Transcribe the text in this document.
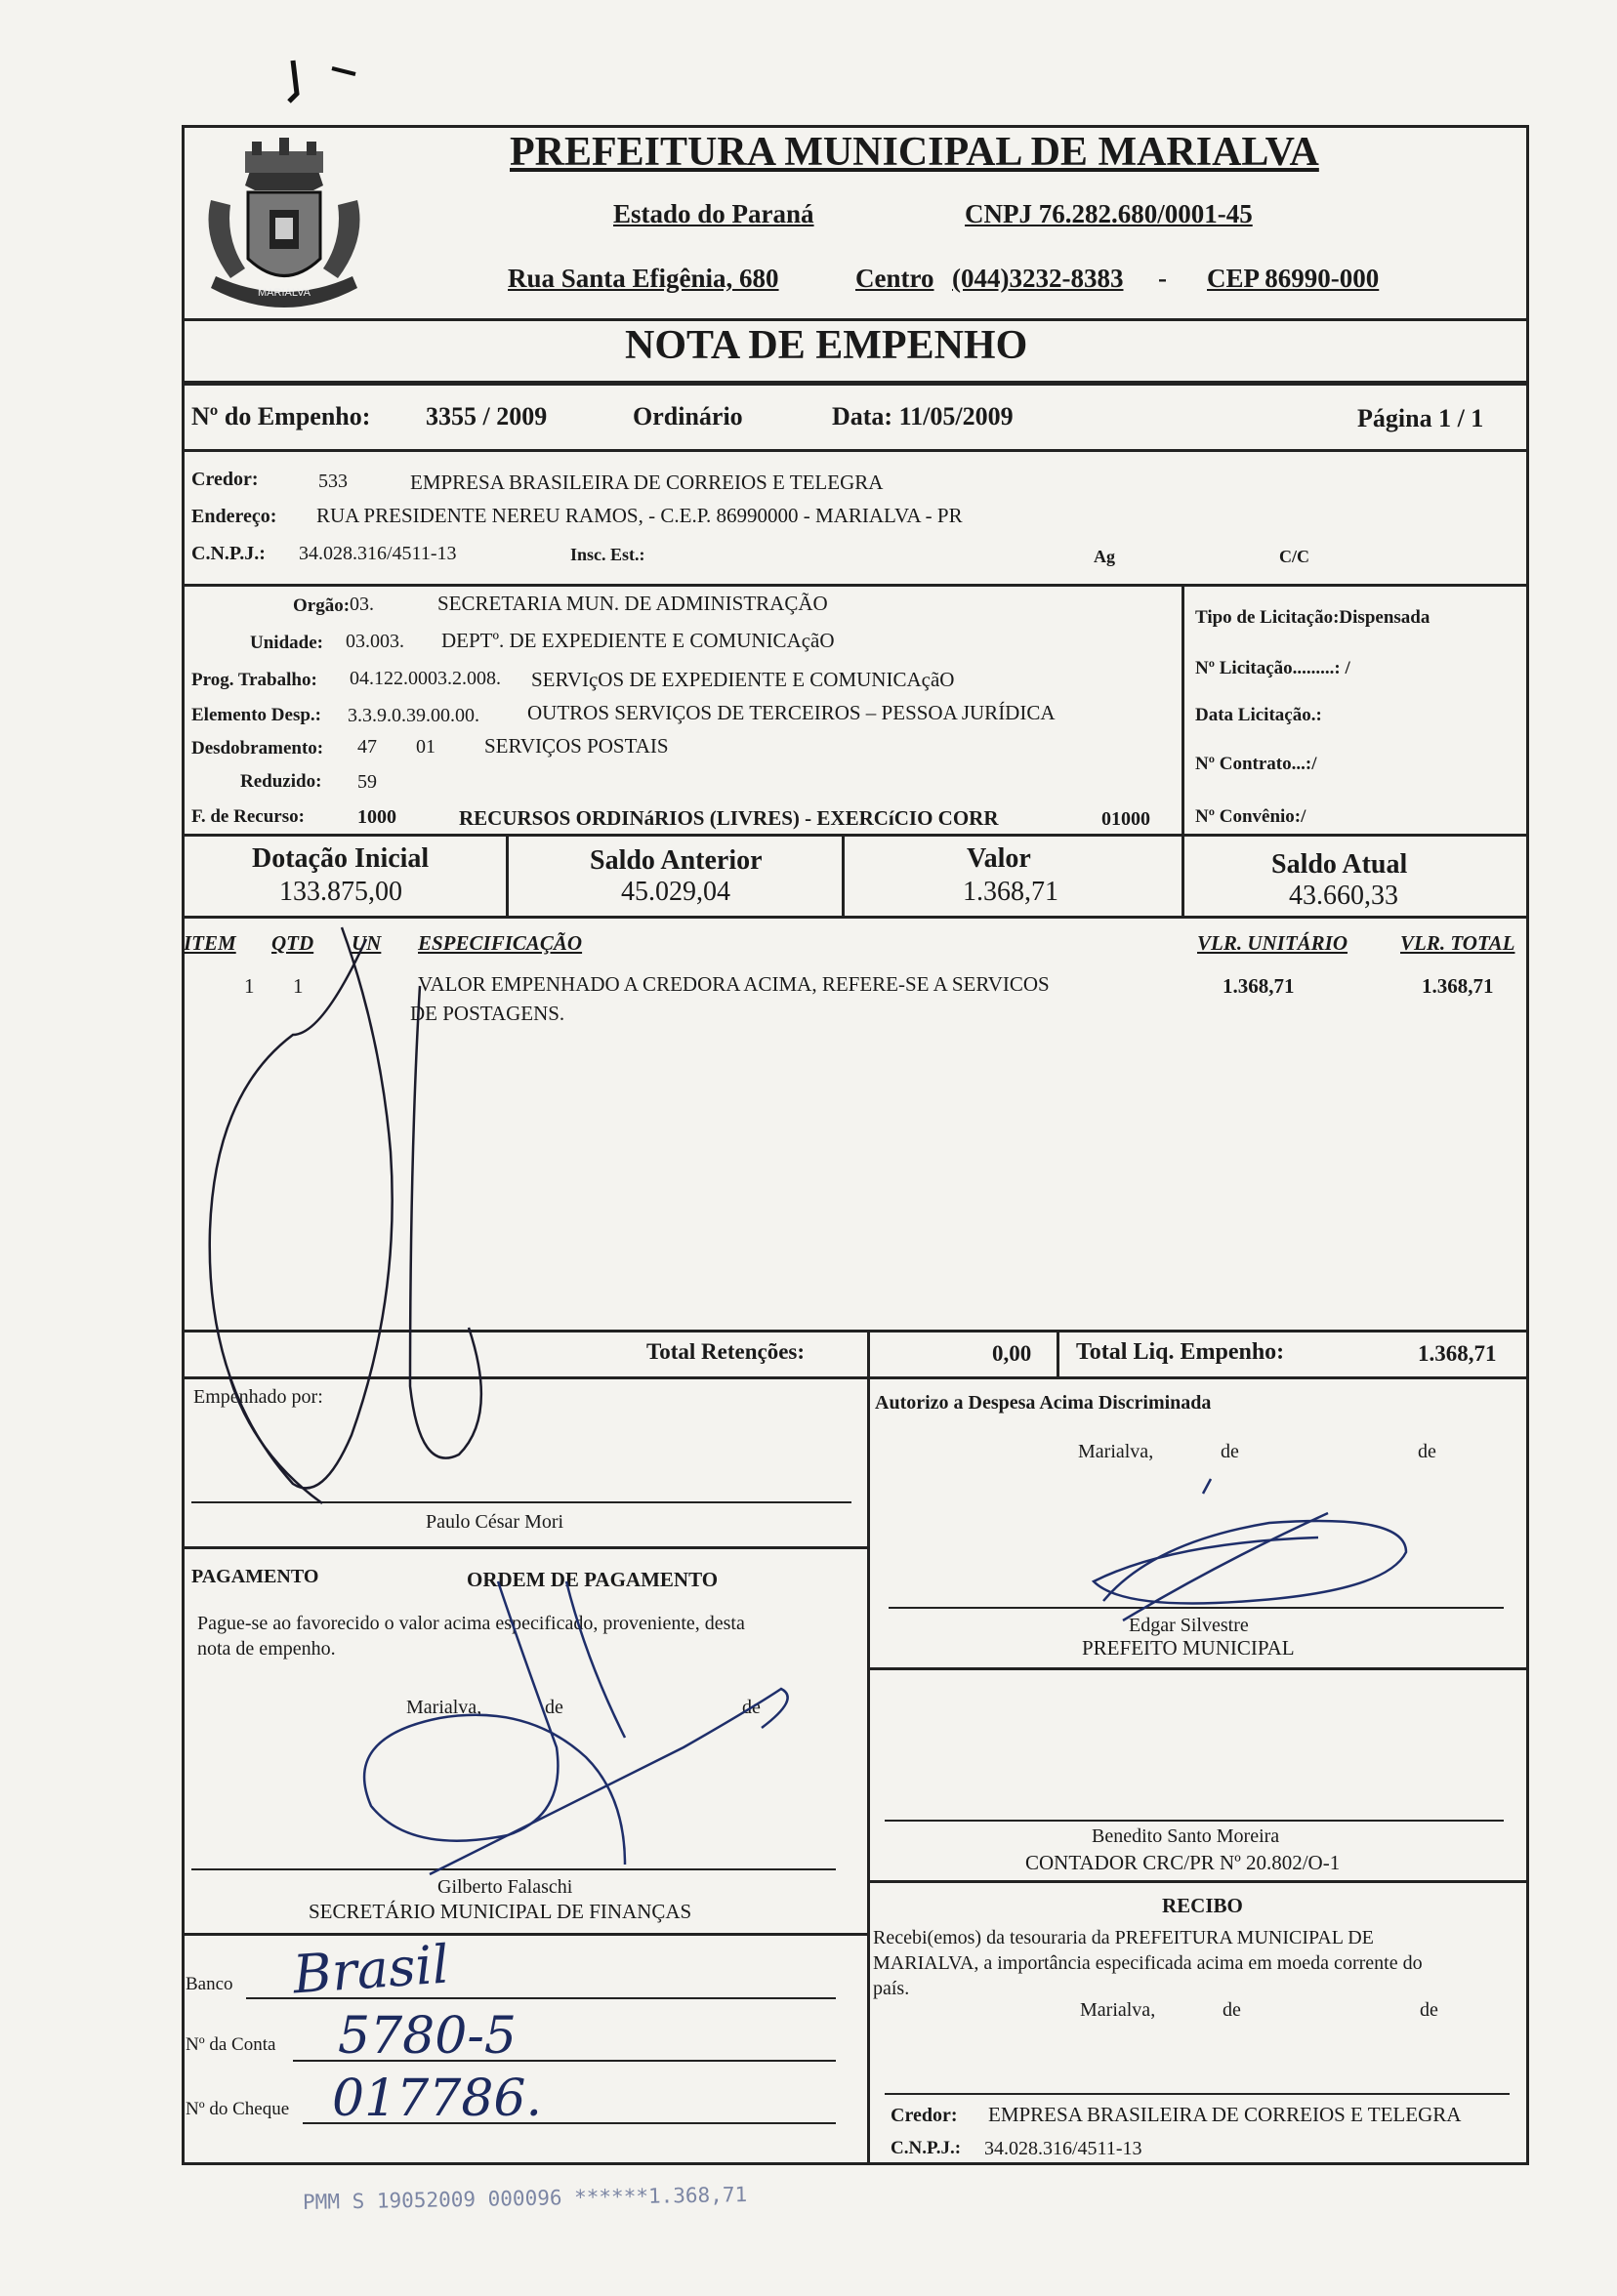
MARIALVA
PREFEITURA MUNICIPAL DE MARIALVA
Estado do Paraná	CNPJ 76.282.680/0001-45
Rua Santa Efigênia, 680	Centro (044)3232-8383 - CEP 86990-000
NOTA DE EMPENHO
Nº do Empenho: 3355 / 2009	Ordinário	Data: 11/05/2009	Página 1 / 1
Credor:	533	EMPRESA BRASILEIRA DE CORREIOS E TELEGRA
Endereço: RUA PRESIDENTE NEREU RAMOS, - C.E.P. 86990000 - MARIALVA - PR
C.N.P.J.: 34.028.316/4511-13	Insc. Est.:	Ag	C/C
Orgão: 03.	SECRETARIA MUN. DE ADMINISTRAÇÃO
Unidade: 03.003. DEPTº. DE EXPEDIENTE E COMUNICAçãO
Prog. Trabalho: 04.122.0003.2.008. SERVIçOS DE EXPEDIENTE E COMUNICAçãO
Elemento Desp.: 3.3.9.0.39.00.00. OUTROS SERVIÇOS DE TERCEIROS – PESSOA JURÍDICA
Desdobramento: 47 01 SERVIÇOS POSTAIS
Reduzido: 59
F. de Recurso:	1000	RECURSOS ORDINáRIOS (LIVRES) - EXERCíCIO CORR	01000
Tipo de Licitação:Dispensada
Nº Licitação.........: /
Data Licitação.:
Nº Contrato...:/
Nº Convênio:/
Dotação Inicial
133.875,00
Saldo Anterior
45.029,04
Valor
1.368,71
Saldo Atual
43.660,33
ITEM QTD UN ESPECIFICAÇÃO	VLR. UNITÁRIO	VLR. TOTAL
1 1	VALOR EMPENHADO A CREDORA ACIMA, REFERE-SE A SERVICOS
DE POSTAGENS.
1.368,71	1.368,71
Total Retenções:	0,00 Total Liq. Empenho:	1.368,71
Empenhado por:
Paulo César Mori
Autorizo a Despesa Acima Discriminada
Marialva,	de	de
Edgar Silvestre
PREFEITO MUNICIPAL
PAGAMENTO	ORDEM DE PAGAMENTO
Pague-se ao favorecido o valor acima especificado, proveniente, desta
nota de empenho.
Marialva,	de	de
Gilberto Falaschi
SECRETÁRIO MUNICIPAL DE FINANÇAS
Banco Brasil
Nº da Conta 5780-5
Nº do Cheque 017786.
Benedito Santo Moreira
CONTADOR CRC/PR Nº 20.802/O-1
RECIBO
Recebi(emos) da tesouraria da PREFEITURA MUNICIPAL DE
MARIALVA, a importância especificada acima em moeda corrente do
país.
Marialva,	de	de
Credor: EMPRESA BRASILEIRA DE CORREIOS E TELEGRA
C.N.P.J.: 34.028.316/4511-13
PMM S 19052009 000096 ******1.368,71
